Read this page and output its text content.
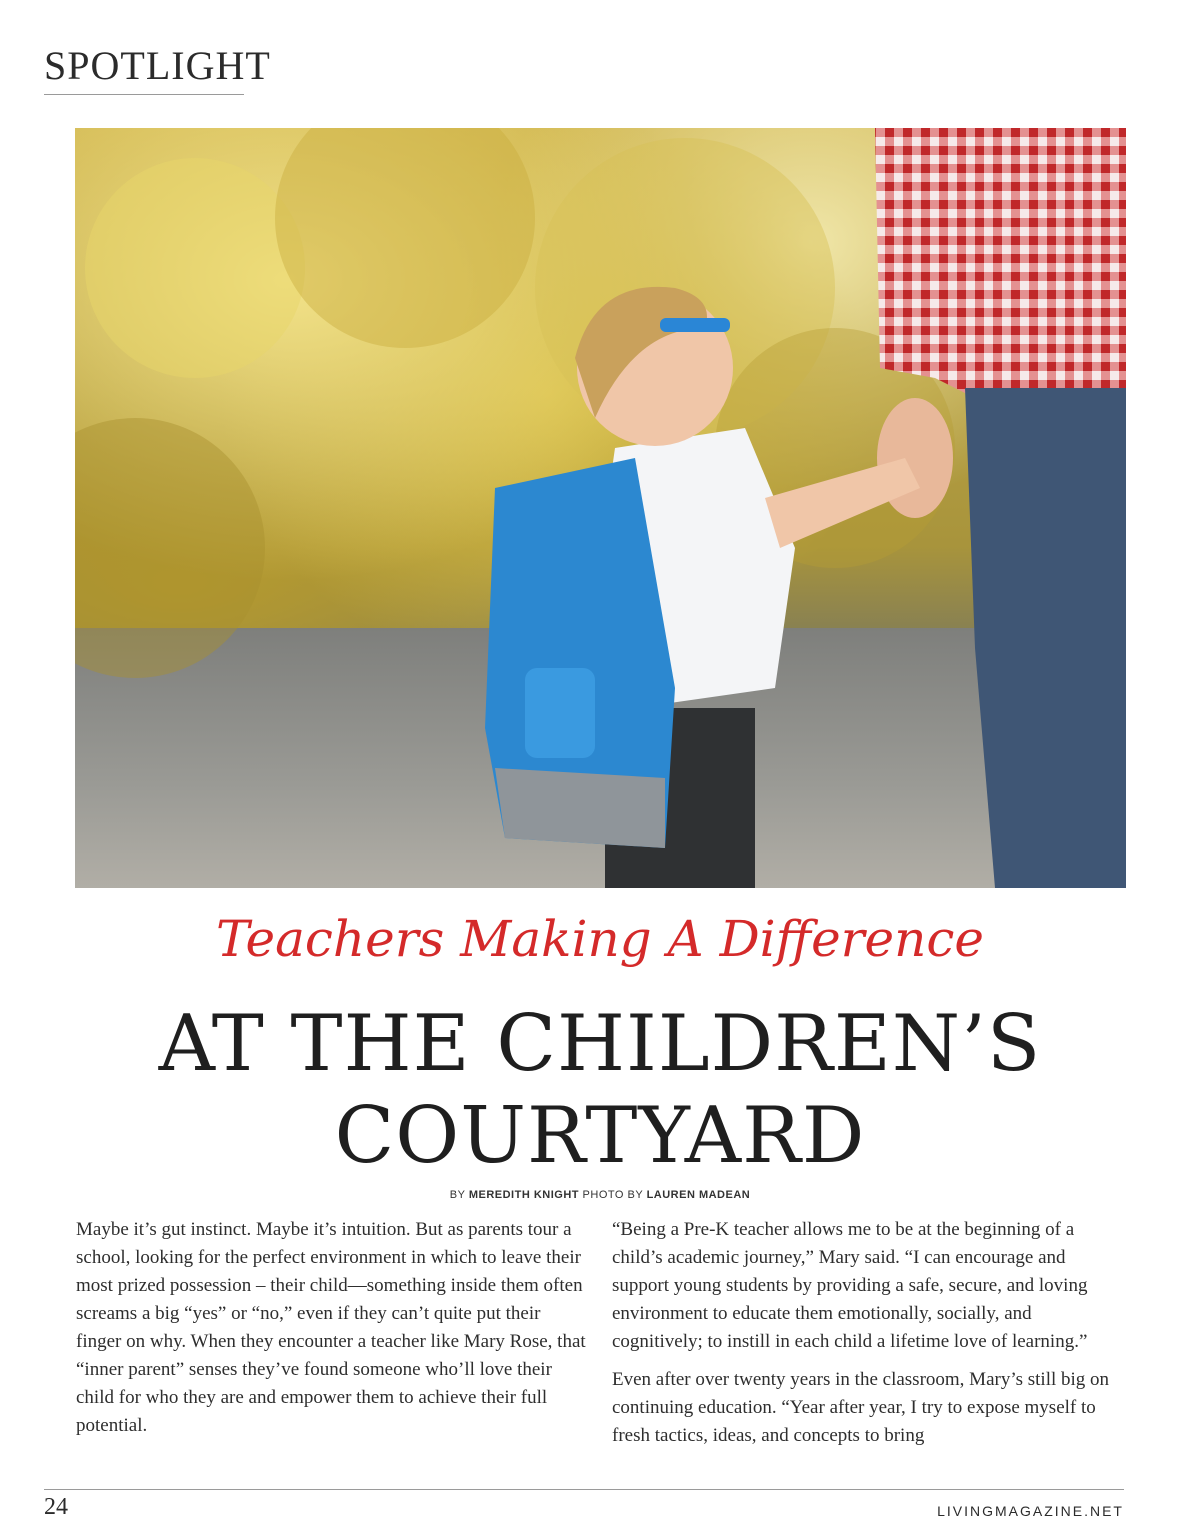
SPOTLIGHT
Teachers Making A Difference
AT THE CHILDREN’S
COURTYARD
BY MEREDITH KNIGHT PHOTO BY LAUREN MADEAN

Maybe it’s gut instinct. Maybe it’s intuition. But as parents tour a school, looking for the perfect environment in which to leave their most prized possession – their child—something inside them often screams a big “yes” or “no,” even if they can’t quite put their finger on why. When they encounter a teacher like Mary Rose, that “inner parent” senses they’ve found someone who’ll love their child for who they are and empower them to achieve their full potential.

“Being a Pre-K teacher allows me to be at the beginning of a child’s academic journey,” Mary said. “I can encourage and support young students by providing a safe, secure, and loving environment to educate them emotionally, socially, and cognitively; to instill in each child a lifetime love of learning.”

Even after over twenty years in the classroom, Mary’s still big on continuing education. “Year after year, I try to expose myself to fresh tactics, ideas, and concepts to bring

24	LIVINGMAGAZINE.NET
